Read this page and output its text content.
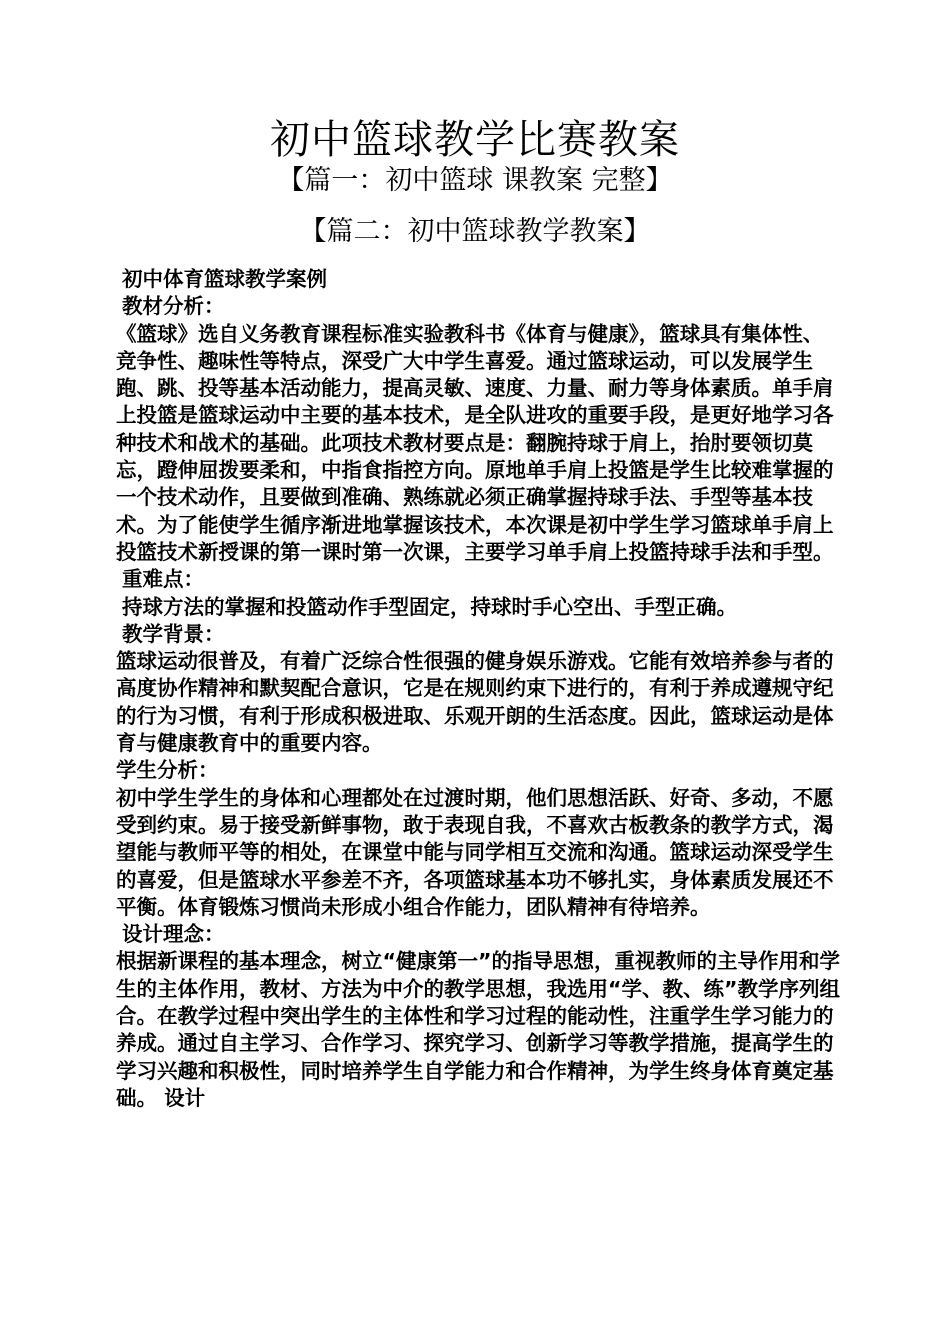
初中篮球教学比赛教案
【篇一：初中篮球 课教案 完整】
【篇二：初中篮球教学教案】

初中体育篮球教学案例

教材分析：

《篮球》选自义务教育课程标准实验教科书《体育与健康》，篮球具有集体性、竞争性、趣味性等特点，深受广大中学生喜爱。通过篮球运动，可以发展学生跑、跳、投等基本活动能力，提高灵敏、速度、力量、耐力等身体素质。单手肩上投篮是篮球运动中主要的基本技术，是全队进攻的重要手段，是更好地学习各种技术和战术的基础。此项技术教材要点是：翻腕持球于肩上，抬肘要领切莫忘，蹬伸屈拨要柔和，中指食指控方向。原地单手肩上投篮是学生比较难掌握的一个技术动作，且要做到准确、熟练就必须正确掌握持球手法、手型等基本技术。为了能使学生循序渐进地掌握该技术，本次课是初中学生学习篮球单手肩上投篮技术新授课的第一课时第一次课，主要学习单手肩上投篮持球手法和手型。

重难点：

持球方法的掌握和投篮动作手型固定，持球时手心空出、手型正确。

教学背景：

篮球运动很普及，有着广泛综合性很强的健身娱乐游戏。它能有效培养参与者的高度协作精神和默契配合意识，它是在规则约束下进行的，有利于养成遵规守纪的行为习惯，有利于形成积极进取、乐观开朗的生活态度。因此，篮球运动是体育与健康教育中的重要内容。

学生分析：

初中学生学生的身体和心理都处在过渡时期，他们思想活跃、好奇、多动，不愿受到约束。易于接受新鲜事物，敢于表现自我，不喜欢古板教条的教学方式，渴望能与教师平等的相处，在课堂中能与同学相互交流和沟通。篮球运动深受学生的喜爱，但是篮球水平参差不齐，各项篮球基本功不够扎实，身体素质发展还不平衡。体育锻炼习惯尚未形成小组合作能力，团队精神有待培养。

设计理念：

根据新课程的基本理念，树立“健康第一”的指导思想，重视教师的主导作用和学生的主体作用，教材、方法为中介的教学思想，我选用“学、教、练”教学序列组合。在教学过程中突出学生的主体性和学习过程的能动性，注重学生学习能力的养成。通过自主学习、合作学习、探究学习、创新学习等教学措施，提高学生的学习兴趣和积极性，同时培养学生自学能力和合作精神，为学生终身体育奠定基础。 设计
